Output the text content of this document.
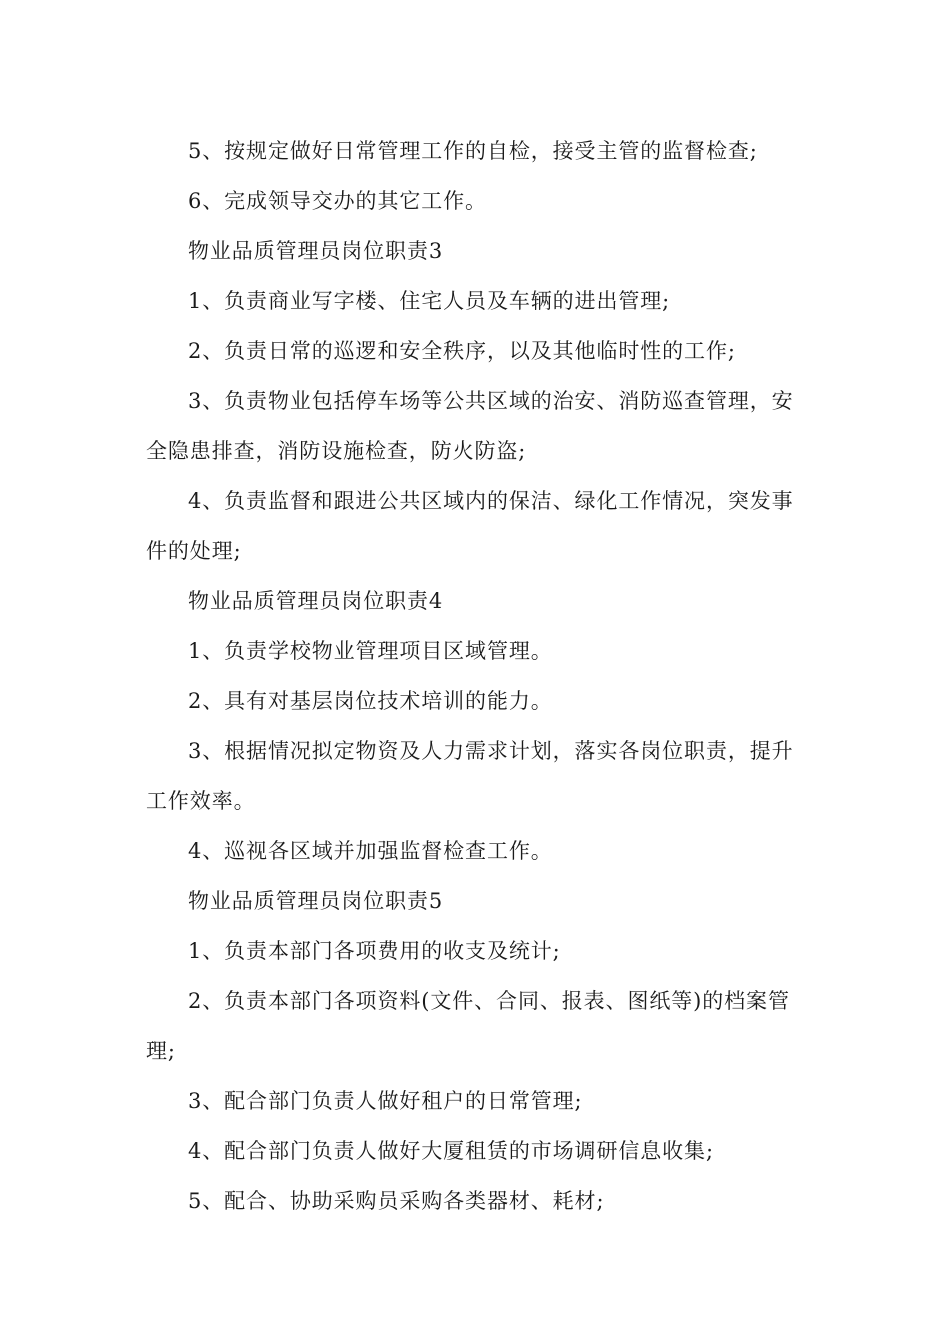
5、按规定做好日常管理工作的自检，接受主管的监督检查;

6、完成领导交办的其它工作。

物业品质管理员岗位职责3

1、负责商业写字楼、住宅人员及车辆的进出管理;

2、负责日常的巡逻和安全秩序，以及其他临时性的工作;

3、负责物业包括停车场等公共区域的治安、消防巡查管理，安全隐患排查，消防设施检查，防火防盗;

4、负责监督和跟进公共区域内的保洁、绿化工作情况，突发事件的处理;

物业品质管理员岗位职责4

1、负责学校物业管理项目区域管理。

2、具有对基层岗位技术培训的能力。

3、根据情况拟定物资及人力需求计划，落实各岗位职责，提升工作效率。

4、巡视各区域并加强监督检查工作。

物业品质管理员岗位职责5

1、负责本部门各项费用的收支及统计;

2、负责本部门各项资料(文件、合同、报表、图纸等)的档案管理;

3、配合部门负责人做好租户的日常管理;

4、配合部门负责人做好大厦租赁的市场调研信息收集;

5、配合、协助采购员采购各类器材、耗材;
